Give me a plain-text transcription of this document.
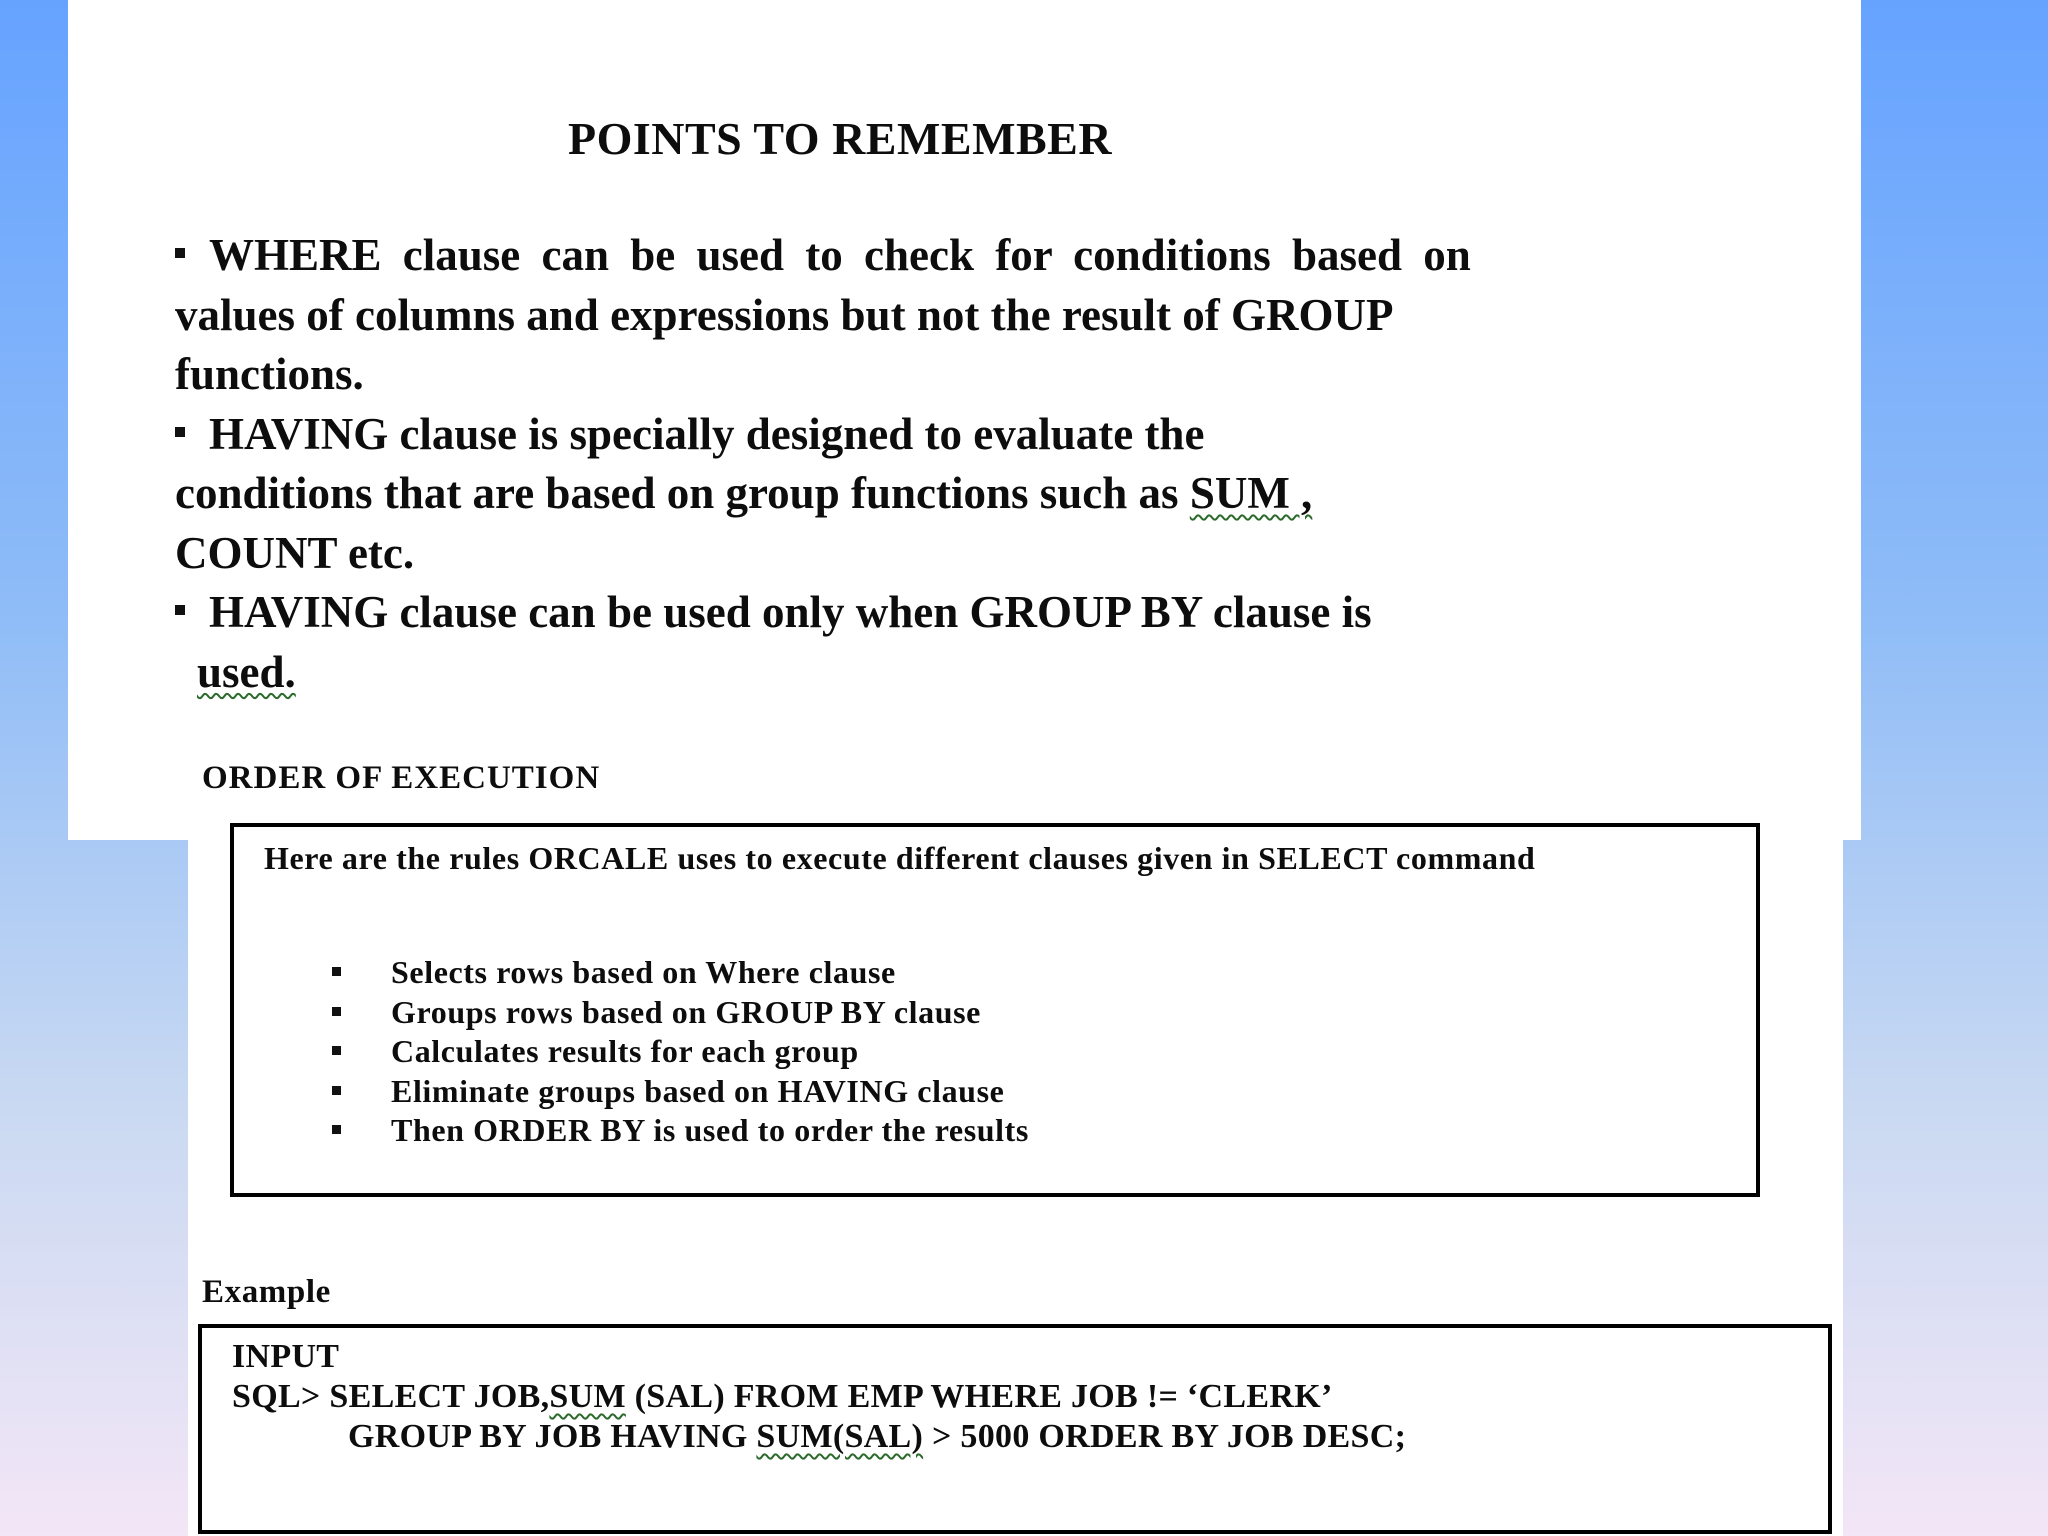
POINTS TO REMEMBER

WHERE clause can be used to check for conditions based on
values of columns and expressions but not the result of GROUP
functions.

HAVING clause is specially designed to evaluate the
conditions that are based on group functions such as SUM ,
COUNT etc.

HAVING clause can be used only when GROUP BY clause is
used.

ORDER OF EXECUTION

Here are the rules ORCALE uses to execute different clauses given in SELECT command

Selects rows based on Where clause
Groups rows based on GROUP BY clause
Calculates results for each group
Eliminate groups based on HAVING clause
Then ORDER BY is used to order the results
Example

INPUT

SQL> SELECT JOB,SUM (SAL) FROM EMP WHERE JOB != ‘CLERK’

GROUP BY JOB HAVING SUM(SAL) > 5000 ORDER BY JOB DESC;
